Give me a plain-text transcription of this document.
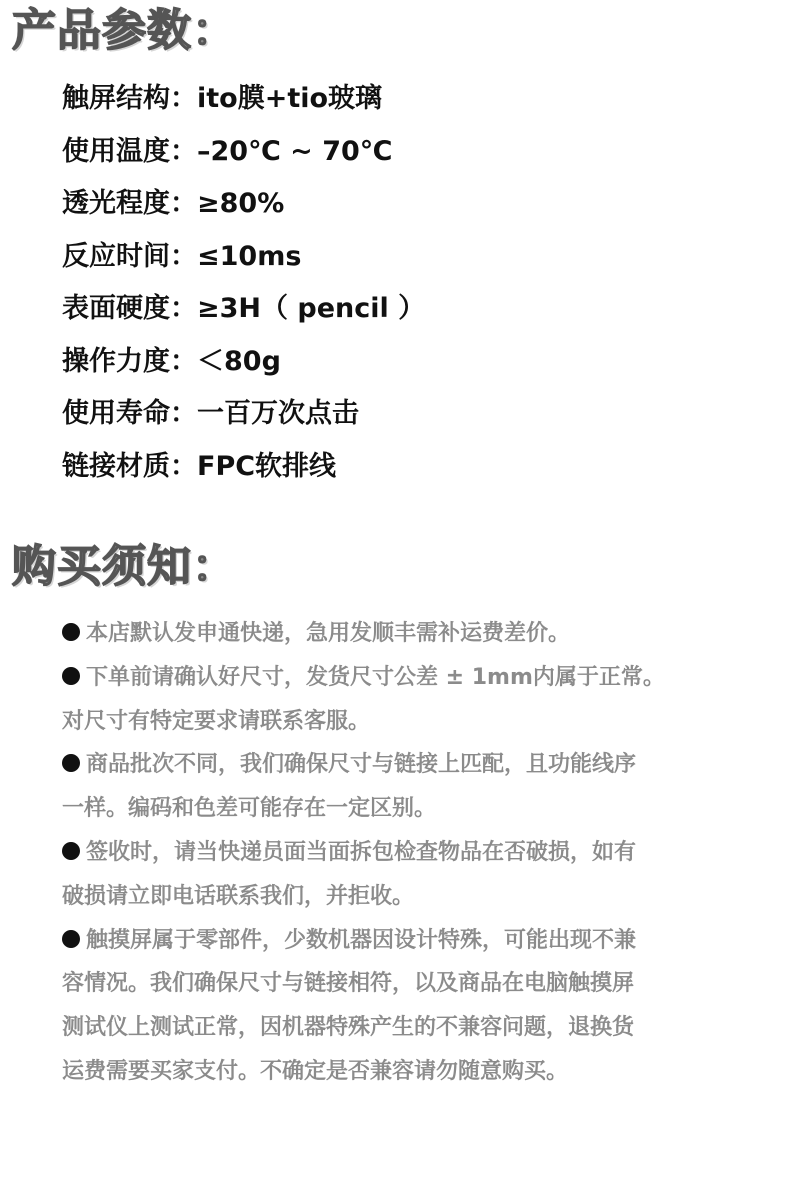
产品参数：
触屏结构：ito膜+tio玻璃
使用温度：–20℃ ~ 70℃
透光程度：≥80%
反应时间：≤10ms
表面硬度：≥3H（ pencil ）
操作力度：＜80g
使用寿命：一百万次点击
链接材质：FPC软排线
购买须知：

本店默认发申通快递，急用发顺丰需补运费差价。

下单前请确认好尺寸，发货尺寸公差 ± 1mm内属于正常。
对尺寸有特定要求请联系客服。

商品批次不同，我们确保尺寸与链接上匹配，且功能线序
一样。编码和色差可能存在一定区别。

签收时，请当快递员面当面拆包检查物品在否破损，如有
破损请立即电话联系我们，并拒收。

触摸屏属于零部件，少数机器因设计特殊，可能出现不兼
容情况。我们确保尺寸与链接相符，以及商品在电脑触摸屏
测试仪上测试正常，因机器特殊产生的不兼容问题，退换货
运费需要买家支付。不确定是否兼容请勿随意购买。
